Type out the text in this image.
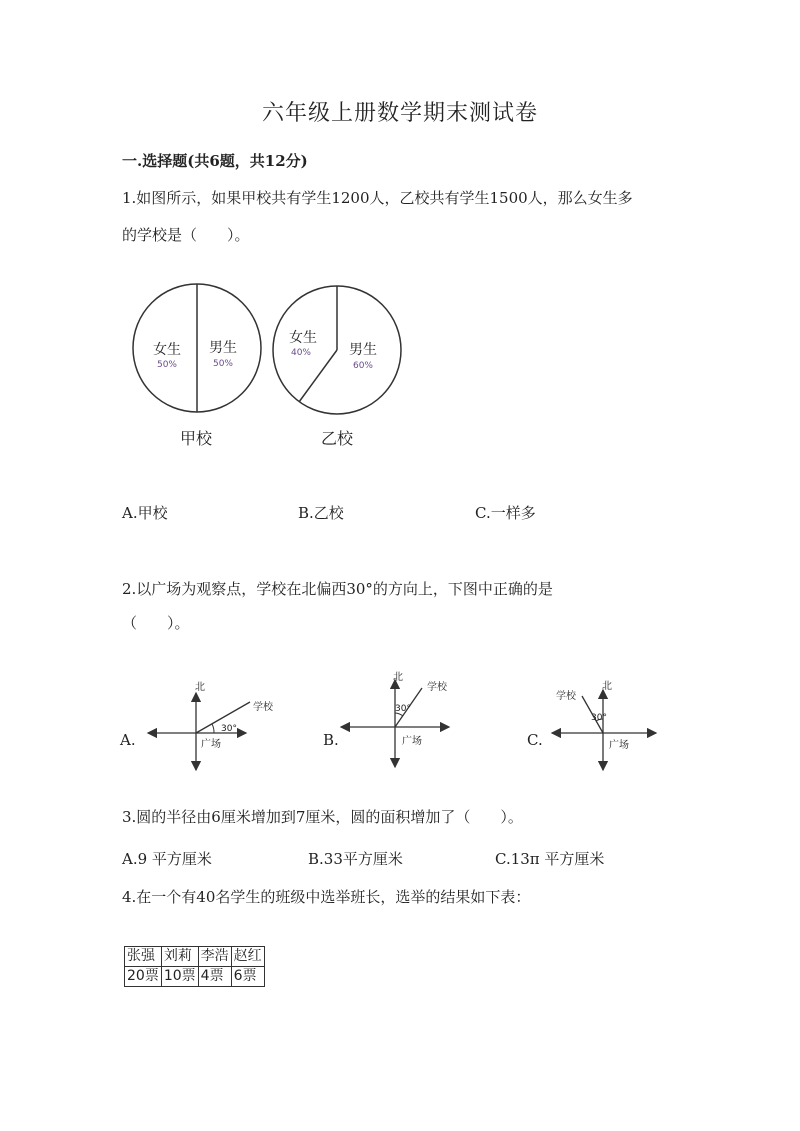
六年级上册数学期末测试卷
一.选择题(共6题，共12分)
1.如图所示，如果甲校共有学生1200人，乙校共有学生1500人，那么女生多
的学校是（　　）。
女生
50%
男生
50%
甲校
女生
40%	男生
60%
乙校
A.甲校	B.乙校	C.一样多
2.以广场为观察点，学校在北偏西30°的方向上，下图中正确的是
（　　）。
A.	B.	C.
北
学校
30°
广场
北
学校
30°
广场
北
学校
30°
广场
3.圆的半径由6厘米增加到7厘米，圆的面积增加了（　　）。
A.9 平方厘米	B.33平方厘米	C.13π 平方厘米
4.在一个有40名学生的班级中选举班长，选举的结果如下表：
张强	刘莉	李浩	赵红
20票	10票	4票	6票
